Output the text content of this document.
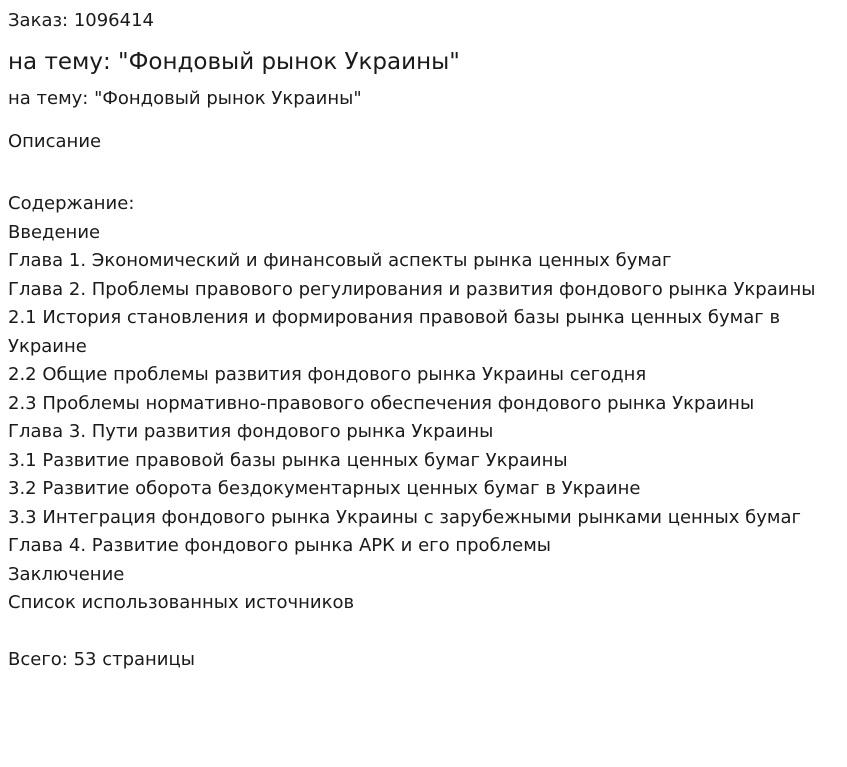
Заказ: 1096414
на тему: "Фондовый рынок Украины"
на тему: "Фондовый рынок Украины"
Описание
Содержание:
Введение
Глава 1. Экономический и финансовый аспекты рынка ценных бумаг
Глава 2. Проблемы правового регулирования и развития фондового рынка Украины
2.1 История становления и формирования правовой базы рынка ценных бумаг в Украине
2.2 Общие проблемы развития фондового рынка Украины сегодня
2.3 Проблемы нормативно-правового обеспечения фондового рынка Украины
Глава 3. Пути развития фондового рынка Украины
3.1 Развитие правовой базы рынка ценных бумаг Украины
3.2 Развитие оборота бездокументарных ценных бумаг в Украине
3.3 Интеграция фондового рынка Украины с зарубежными рынками ценных бумаг
Глава 4. Развитие фондового рынка АРК и его проблемы
Заключение
Список использованных источников
Всего: 53 страницы
